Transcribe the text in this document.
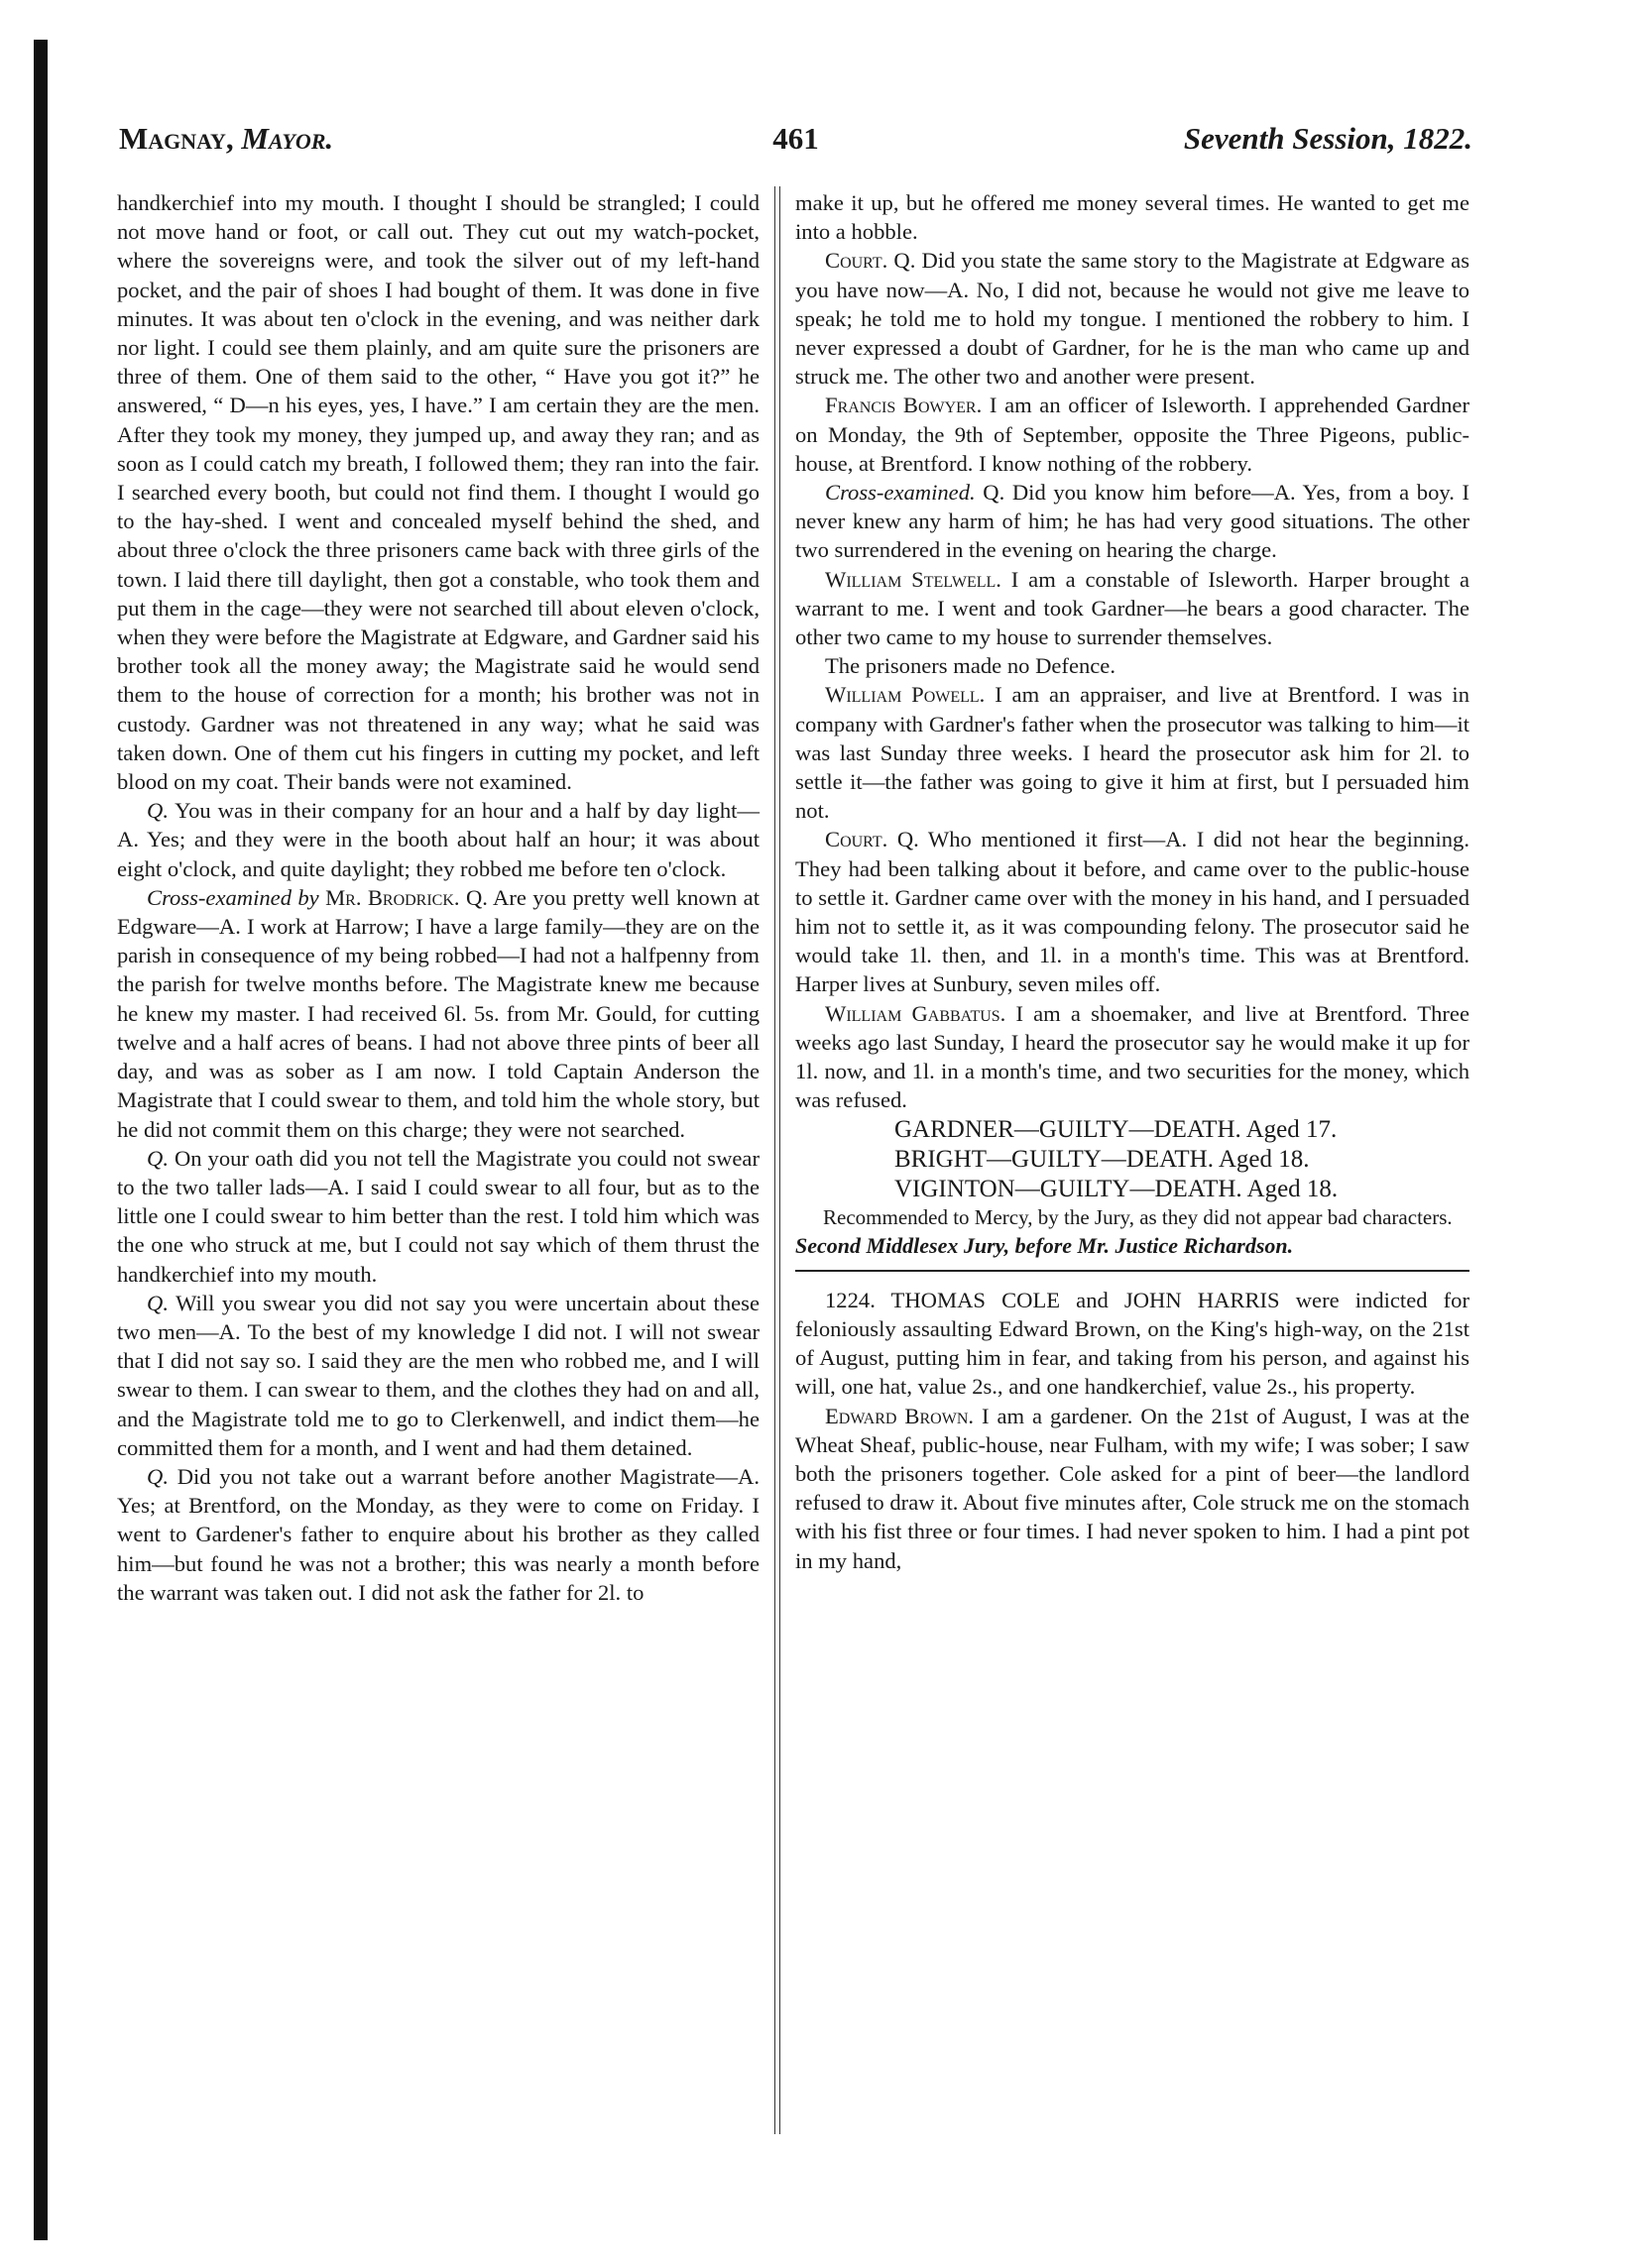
Magnay, Mayor.	461	Seventh Session, 1822.

handkerchief into my mouth. I thought I should be strangled; I could not move hand or foot, or call out. They cut out my watch-pocket, where the sovereigns were, and took the silver out of my left-hand pocket, and the pair of shoes I had bought of them. It was done in five minutes. It was about ten o'clock in the evening, and was neither dark nor light. I could see them plainly, and am quite sure the prisoners are three of them. One of them said to the other, “ Have you got it?” he answered, “ D—n his eyes, yes, I have.” I am certain they are the men. After they took my money, they jumped up, and away they ran; and as soon as I could catch my breath, I followed them; they ran into the fair. I searched every booth, but could not find them. I thought I would go to the hay-shed. I went and concealed myself behind the shed, and about three o'clock the three prisoners came back with three girls of the town. I laid there till daylight, then got a constable, who took them and put them in the cage—they were not searched till about eleven o'clock, when they were before the Magistrate at Edgware, and Gardner said his brother took all the money away; the Magistrate said he would send them to the house of correction for a month; his brother was not in custody. Gardner was not threatened in any way; what he said was taken down. One of them cut his fingers in cutting my pocket, and left blood on my coat. Their bands were not examined.

Q. You was in their company for an hour and a half by day light—A. Yes; and they were in the booth about half an hour; it was about eight o'clock, and quite daylight; they robbed me before ten o'clock.

Cross-examined by Mr. Brodrick. Q. Are you pretty well known at Edgware—A. I work at Harrow; I have a large family—they are on the parish in consequence of my being robbed—I had not a halfpenny from the parish for twelve months before. The Magistrate knew me because he knew my master. I had received 6l. 5s. from Mr. Gould, for cutting twelve and a half acres of beans. I had not above three pints of beer all day, and was as sober as I am now. I told Captain Anderson the Magistrate that I could swear to them, and told him the whole story, but he did not commit them on this charge; they were not searched.

Q. On your oath did you not tell the Magistrate you could not swear to the two taller lads—A. I said I could swear to all four, but as to the little one I could swear to him better than the rest. I told him which was the one who struck at me, but I could not say which of them thrust the handkerchief into my mouth.

Q. Will you swear you did not say you were uncertain about these two men—A. To the best of my knowledge I did not. I will not swear that I did not say so. I said they are the men who robbed me, and I will swear to them. I can swear to them, and the clothes they had on and all, and the Magistrate told me to go to Clerkenwell, and indict them—he committed them for a month, and I went and had them detained.

Q. Did you not take out a warrant before another Magistrate—A. Yes; at Brentford, on the Monday, as they were to come on Friday. I went to Gardener's father to enquire about his brother as they called him—but found he was not a brother; this was nearly a month before the warrant was taken out. I did not ask the father for 2l. to

make it up, but he offered me money several times. He wanted to get me into a hobble.

Court. Q. Did you state the same story to the Magistrate at Edgware as you have now—A. No, I did not, because he would not give me leave to speak; he told me to hold my tongue. I mentioned the robbery to him. I never expressed a doubt of Gardner, for he is the man who came up and struck me. The other two and another were present.

Francis Bowyer. I am an officer of Isleworth. I apprehended Gardner on Monday, the 9th of September, opposite the Three Pigeons, public-house, at Brentford. I know nothing of the robbery.

Cross-examined. Q. Did you know him before—A. Yes, from a boy. I never knew any harm of him; he has had very good situations. The other two surrendered in the evening on hearing the charge.

William Stelwell. I am a constable of Isleworth. Harper brought a warrant to me. I went and took Gardner—he bears a good character. The other two came to my house to surrender themselves.

The prisoners made no Defence.

William Powell. I am an appraiser, and live at Brentford. I was in company with Gardner's father when the prosecutor was talking to him—it was last Sunday three weeks. I heard the prosecutor ask him for 2l. to settle it—the father was going to give it him at first, but I persuaded him not.

Court. Q. Who mentioned it first—A. I did not hear the beginning. They had been talking about it before, and came over to the public-house to settle it. Gardner came over with the money in his hand, and I persuaded him not to settle it, as it was compounding felony. The prosecutor said he would take 1l. then, and 1l. in a month's time. This was at Brentford. Harper lives at Sunbury, seven miles off.

William Gabbatus. I am a shoemaker, and live at Brentford. Three weeks ago last Sunday, I heard the prosecutor say he would make it up for 1l. now, and 1l. in a month's time, and two securities for the money, which was refused.

GARDNER—GUILTY—DEATH. Aged 17.

BRIGHT—GUILTY—DEATH. Aged 18.

VIGINTON—GUILTY—DEATH. Aged 18.

Recommended to Mercy, by the Jury, as they did not appear bad characters.

Second Middlesex Jury, before Mr. Justice Richardson.

1224. THOMAS COLE and JOHN HARRIS were indicted for feloniously assaulting Edward Brown, on the King's high-way, on the 21st of August, putting him in fear, and taking from his person, and against his will, one hat, value 2s., and one handkerchief, value 2s., his property.

Edward Brown. I am a gardener. On the 21st of August, I was at the Wheat Sheaf, public-house, near Fulham, with my wife; I was sober; I saw both the prisoners together. Cole asked for a pint of beer—the landlord refused to draw it. About five minutes after, Cole struck me on the stomach with his fist three or four times. I had never spoken to him. I had a pint pot in my hand,
